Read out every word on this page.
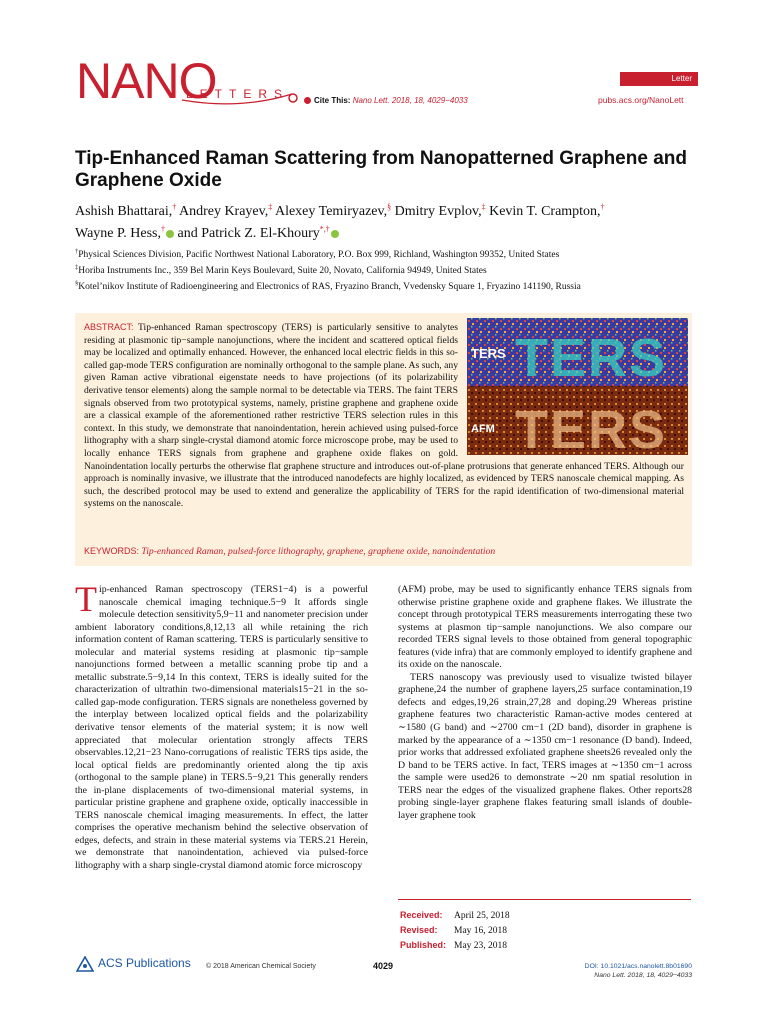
NANO
LETTERS	Cite This: Nano Lett. 2018, 18, 4029−4033
Letter
pubs.acs.org/NanoLett
Tip-Enhanced Raman Scattering from Nanopatterned Graphene and Graphene Oxide
Ashish Bhattarai,† Andrey Krayev,‡ Alexey Temiryazev,§ Dmitry Evplov,‡ Kevin T. Crampton,†
Wayne P. Hess,† and Patrick Z. El-Khoury*,†
†Physical Sciences Division, Pacific Northwest National Laboratory, P.O. Box 999, Richland, Washington 99352, United States
‡Horiba Instruments Inc., 359 Bel Marin Keys Boulevard, Suite 20, Novato, California 94949, United States
§Kotel’nikov Institute of Radioengineering and Electronics of RAS, Fryazino Branch, Vvedensky Square 1, Fryazino 141190, Russia
ABSTRACT: Tip-enhanced Raman spectroscopy (TERS) is particularly sensitive to analytes residing at plasmonic tip−sample nanojunctions, where the incident and scattered optical fields may be localized and optimally enhanced. However, the enhanced local electric fields in this so-called gap-mode TERS configuration are nominally orthogonal to the sample plane. As such, any given Raman active vibrational eigenstate needs to have projections (of its polarizability derivative tensor elements) along the sample normal to be detectable via TERS. The faint TERS signals observed from two prototypical systems, namely, pristine graphene and graphene oxide are a classical example of the aforementioned rather restrictive TERS selection rules in this context. In this study, we demonstrate that nanoindentation, herein achieved using pulsed-force lithography with a sharp single-crystal diamond atomic force microscope probe, may be used to locally enhance TERS signals from graphene and graphene oxide flakes on gold. Nanoindentation locally perturbs the otherwise flat graphene structure and introduces out-of-plane protrusions that generate enhanced TERS. Although our approach is nominally invasive, we illustrate that the introduced nanodefects are highly localized, as evidenced by TERS nanoscale chemical mapping. As such, the described protocol may be used to extend and generalize the applicability of TERS for the rapid identification of two-dimensional material systems on the nanoscale.
TERS
TERS
TERS
AFM
KEYWORDS: Tip-enhanced Raman, pulsed-force lithography, graphene, graphene oxide, nanoindentation

Tip-enhanced Raman spectroscopy (TERS1−4) is a powerful nanoscale chemical imaging technique.5−9 It affords single molecule detection sensitivity5,9−11 and nanometer precision under ambient laboratory conditions,8,12,13 all while retaining the rich information content of Raman scattering. TERS is particularly sensitive to molecular and material systems residing at plasmonic tip−sample nanojunctions formed between a metallic scanning probe tip and a metallic substrate.5−9,14 In this context, TERS is ideally suited for the characterization of ultrathin two-dimensional materials15−21 in the so-called gap-mode configuration. TERS signals are nonetheless governed by the interplay between localized optical fields and the polarizability derivative tensor elements of the material system; it is now well appreciated that molecular orientation strongly affects TERS observables.12,21−23 Nano-corrugations of realistic TERS tips aside, the local optical fields are predominantly oriented along the tip axis (orthogonal to the sample plane) in TERS.5−9,21 This generally renders the in-plane displacements of two-dimensional material systems, in particular pristine graphene and graphene oxide, optically inaccessible in TERS nanoscale chemical imaging measurements. In effect, the latter comprises the operative mechanism behind the selective observation of edges, defects, and strain in these material systems via TERS.21 Herein, we demonstrate that nanoindentation, achieved via pulsed-force lithography with a sharp single-crystal diamond atomic force microscopy

(AFM) probe, may be used to significantly enhance TERS signals from otherwise pristine graphene oxide and graphene flakes. We illustrate the concept through prototypical TERS measurements interrogating these two systems at plasmon tip−sample nanojunctions. We also compare our recorded TERS signal levels to those obtained from general topographic features (vide infra) that are commonly employed to identify graphene and its oxide on the nanoscale.

TERS nanoscopy was previously used to visualize twisted bilayer graphene,24 the number of graphene layers,25 surface contamination,19 defects and edges,19,26 strain,27,28 and doping.29 Whereas pristine graphene features two characteristic Raman-active modes centered at ∼1580 (G band) and ∼2700 cm−1 (2D band), disorder in graphene is marked by the appearance of a ∼1350 cm−1 resonance (D band). Indeed, prior works that addressed exfoliated graphene sheets26 revealed only the D band to be TERS active. In fact, TERS images at ∼1350 cm−1 across the sample were used26 to demonstrate ∼20 nm spatial resolution in TERS near the edges of the visualized graphene flakes. Other reports28 probing single-layer graphene flakes featuring small islands of double-layer graphene took

Received: April 25, 2018
Revised: May 16, 2018
Published: May 23, 2018
ACS Publications © 2018 American Chemical Society	4029	DOI: 10.1021/acs.nanolett.8b01690
Nano Lett. 2018, 18, 4029−4033
